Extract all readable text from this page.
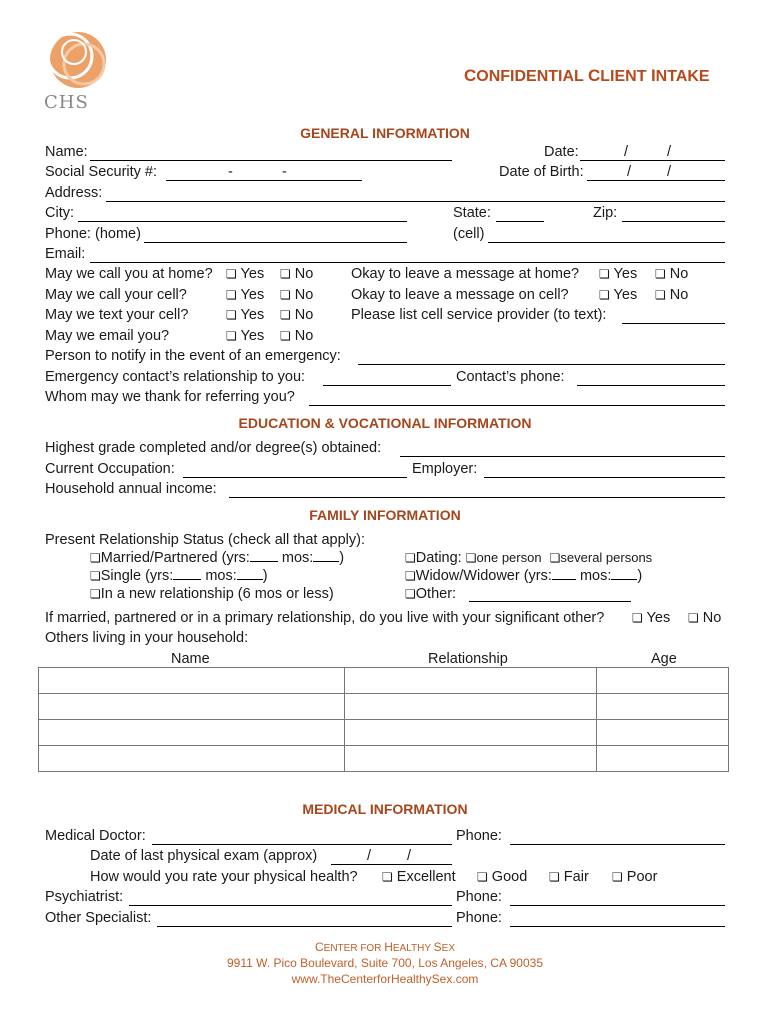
CHS
CONFIDENTIAL CLIENT INTAKE
GENERAL INFORMATION
Name:	Date:	/	/
Social Security #:	-	-	Date of Birth:	/ /
Address:
City:	State:	Zip:
Phone: (home)	(cell)
Email:
May we call you at home? ❏ Yes ❏ No	Okay to leave a message at home? ❏ Yes ❏ No
May we call your cell?	❏ Yes ❏ No	Okay to leave a message on cell?	❏ Yes ❏ No
May we text your cell?	❏ Yes ❏ No	Please list cell service provider (to text):
May we email you?	❏ Yes ❏ No
Person to notify in the event of an emergency:
Emergency contact’s relationship to you:	Contact’s phone:
Whom may we thank for referring you?
EDUCATION & VOCATIONAL INFORMATION
Highest grade completed and/or degree(s) obtained:
Current Occupation:	Employer:
Household annual income:
FAMILY INFORMATION
Present Relationship Status (check all that apply):
❏Married/Partnered (yrs: mos: )
❏Single (yrs: mos: )
❏In a new relationship (6 mos or less)
❏Dating: ❏one person ❏several persons
❏Widow/Widower (yrs: mos: )
❏Other:
If married, partnered or in a primary relationship, do you live with your significant other? ❏ Yes ❏ No
Others living in your household:
Name	Relationship	Age

MEDICAL INFORMATION
Medical Doctor:	Phone:
Date of last physical exam (approx)	/ /
How would you rate your physical health? ❏ Excellent ❏ Good ❏ Fair ❏ Poor
Psychiatrist:	Phone:
Other Specialist:	Phone:
CENTER FOR HEALTHY SEX
9911 W. Pico Boulevard, Suite 700, Los Angeles, CA 90035
www.TheCenterforHealthySex.com
